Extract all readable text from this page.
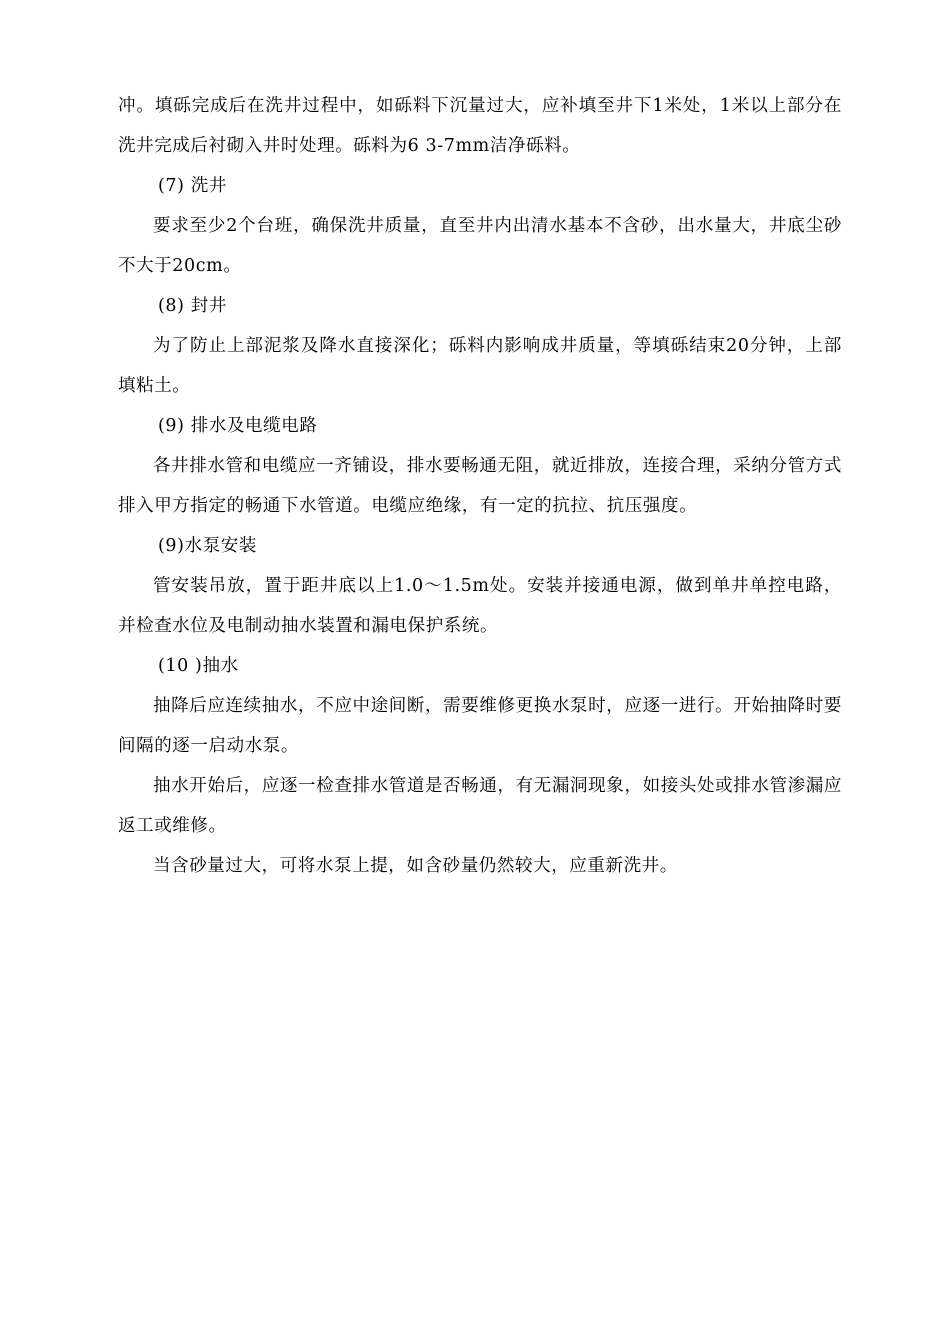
冲。填砾完成后在洗井过程中，如砾料下沉量过大，应补填至井下1米处，1米以上部分在洗井完成后衬砌入井时处理。砾料为6 3-7mm洁净砾料。

(7) 洗井

要求至少2个台班，确保洗井质量，直至井内出清水基本不含砂，出水量大，井底尘砂不大于20cm。

(8) 封井

为了防止上部泥浆及降水直接深化；砾料内影响成井质量，等填砾结束20分钟，上部填粘土。

(9) 排水及电缆电路

各井排水管和电缆应一齐铺设，排水要畅通无阻，就近排放，连接合理，采纳分管方式排入甲方指定的畅通下水管道。电缆应绝缘，有一定的抗拉、抗压强度。

(9)水泵安装

管安装吊放，置于距井底以上1.0〜1.5m处。安装并接通电源，做到单井单控电路，并检查水位及电制动抽水装置和漏电保护系统。

(10 )抽水

抽降后应连续抽水，不应中途间断，需要维修更换水泵时，应逐一进行。开始抽降时要间隔的逐一启动水泵。

抽水开始后，应逐一检查排水管道是否畅通，有无漏洞现象，如接头处或排水管渗漏应返工或维修。

当含砂量过大，可将水泵上提，如含砂量仍然较大，应重新洗井。
